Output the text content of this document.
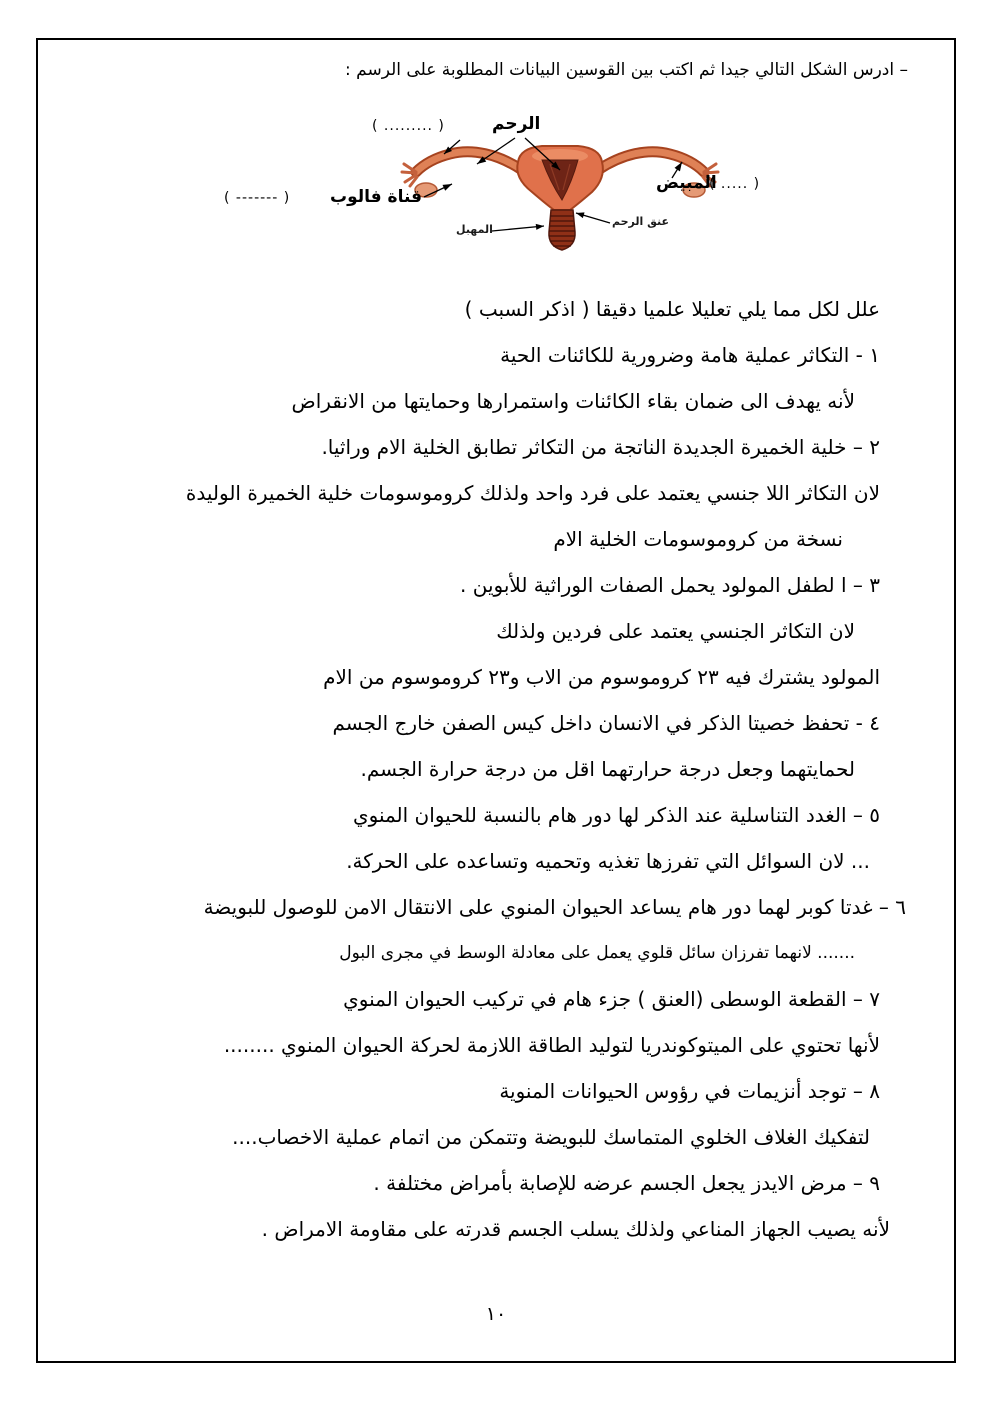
– ادرس الشكل التالي جيدا ثم اكتب بين القوسين البيانات المطلوبة على الرسم :
الرحم
( ......... )
المبيض
( ..... )
قناة فالوب
( ------- )
عنق الرحم
المهبل
علل لكل مما يلي تعليلا علميا دقيقا ( اذكر السبب )
١ - التكاثر عملية هامة وضرورية للكائنات الحية
لأنه يهدف الى ضمان بقاء الكائنات واستمرارها وحمايتها من الانقراض
٢ – خلية الخميرة الجديدة الناتجة من التكاثر تطابق الخلية الام وراثيا.
لان التكاثر اللا جنسي يعتمد على فرد واحد ولذلك كروموسومات خلية الخميرة الوليدة
نسخة من كروموسومات الخلية الام
٣ – ا لطفل المولود يحمل الصفات الوراثية للأبوين .
لان التكاثر الجنسي يعتمد على فردين ولذلك
المولود يشترك فيه ٢٣ كروموسوم من الاب و٢٣ كروموسوم من الام
٤ - تحفظ خصيتا الذكر في الانسان داخل كيس الصفن خارج الجسم
لحمايتهما وجعل درجة حرارتهما اقل من درجة حرارة الجسم.
٥ – الغدد التناسلية عند الذكر لها دور هام بالنسبة للحيوان المنوي
... لان السوائل التي تفرزها تغذيه وتحميه وتساعده على الحركة.
٦ – غدتا كوبر لهما دور هام يساعد الحيوان المنوي على الانتقال الامن للوصول للبويضة
....... لانهما تفرزان سائل قلوي يعمل على معادلة الوسط في مجرى البول
٧ – القطعة الوسطى (العنق ) جزء هام في تركيب الحيوان المنوي
لأنها تحتوي على الميتوكوندريا لتوليد الطاقة اللازمة لحركة الحيوان المنوي ........
٨ – توجد أنزيمات في رؤوس الحيوانات المنوية
لتفكيك الغلاف الخلوي المتماسك للبويضة وتتمكن من اتمام عملية الاخصاب....
٩ – مرض الايدز يجعل الجسم عرضه للإصابة بأمراض مختلفة .
لأنه يصيب الجهاز المناعي ولذلك يسلب الجسم قدرته على مقاومة الامراض .
١٠
